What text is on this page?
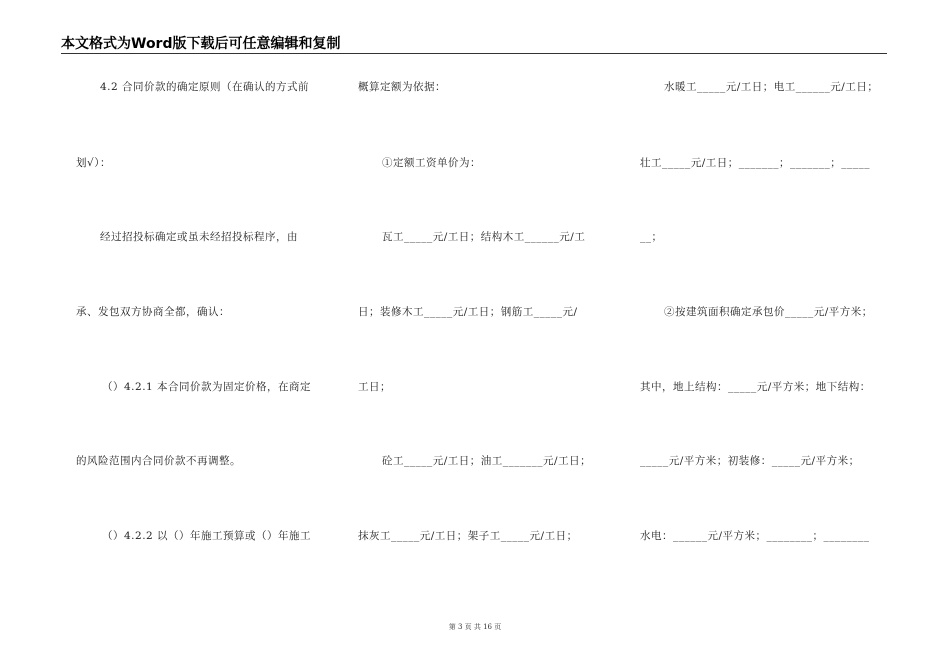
本文格式为Word版下载后可任意编辑和复制
4.2 合同价款的确定原则（在确认的方式前
划√）：
经过招投标确定或虽未经招投标程序，由
承、发包双方协商全都，确认：
（）4.2.1 本合同价款为固定价格，在商定
的风险范围内合同价款不再调整。
（）4.2.2 以（）年施工预算或（）年施工
概算定额为依据：
①定额工资单价为：
瓦工_____元/工日；结构木工______元/工
日；装修木工_____元/工日；钢筋工_____元/
工日；
砼工_____元/工日；油工_______元/工日；
抹灰工_____元/工日；架子工_____元/工日；
水暖工_____元/工日；电工______元/工日；
壮工_____元/工日；_______；_______；_____
__；
②按建筑面积确定承包价_____元/平方米；
其中，地上结构：_____元/平方米；地下结构：
_____元/平方米；初装修：_____元/平方米；
水电：______元/平方米；________；________
第 3 页 共 16 页
